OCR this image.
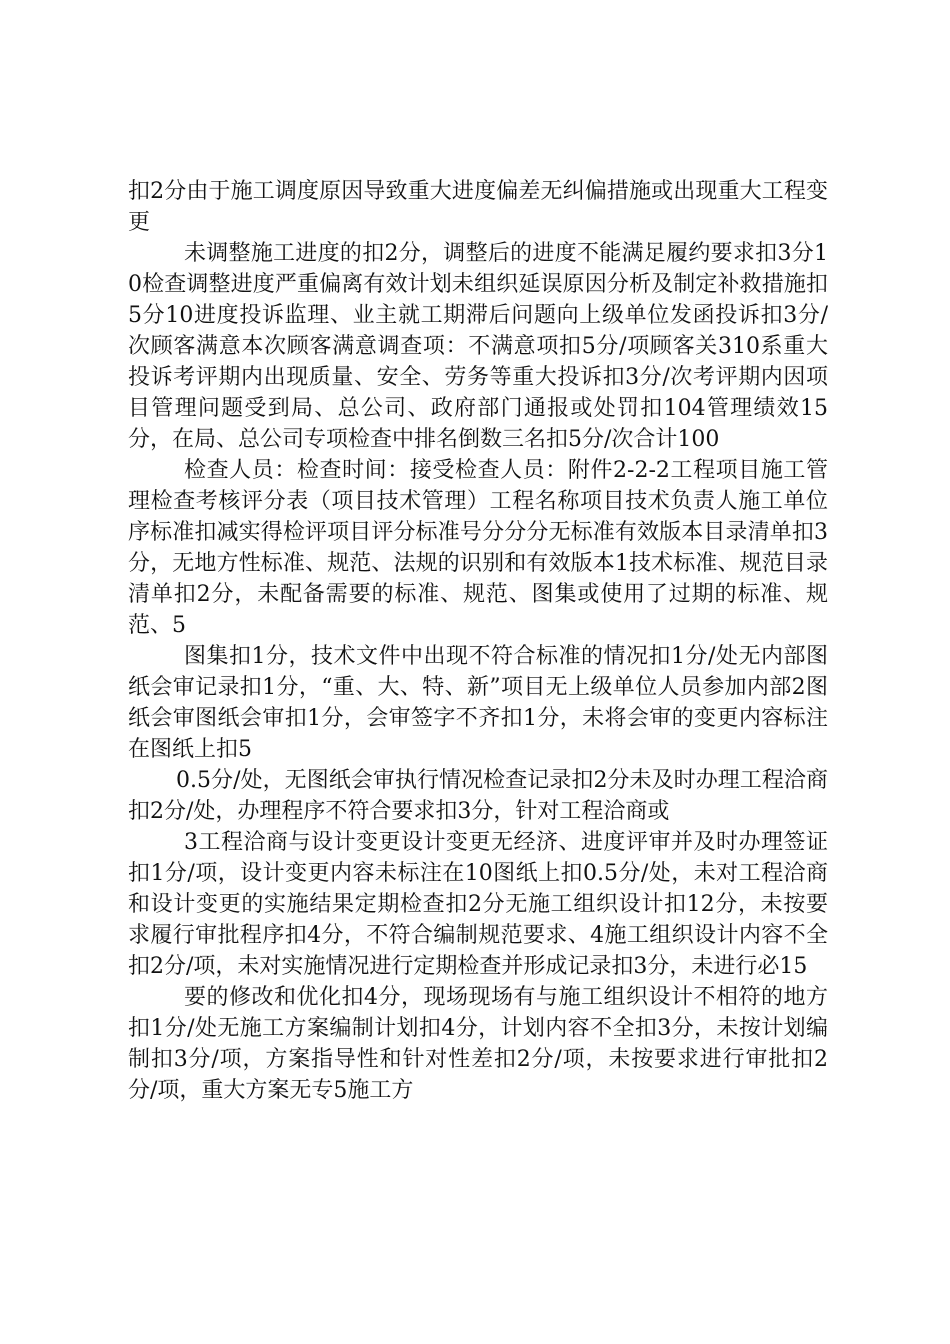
扣2分由于施工调度原因导致重大进度偏差无纠偏措施或出现重大工程变更

未调整施工进度的扣2分，调整后的进度不能满足履约要求扣3分10检查调整进度严重偏离有效计划未组织延误原因分析及制定补救措施扣5分10进度投诉监理、业主就工期滞后问题向上级单位发函投诉扣3分/次顾客满意本次顾客满意调查项：不满意项扣5分/项顾客关310系重大投诉考评期内出现质量、安全、劳务等重大投诉扣3分/次考评期内因项目管理问题受到局、总公司、政府部门通报或处罚扣104管理绩效15分，在局、总公司专项检查中排名倒数三名扣5分/次合计100

检查人员：检查时间：接受检查人员：附件2-2-2工程项目施工管理检查考核评分表（项目技术管理）工程名称项目技术负责人施工单位序标准扣减实得检评项目评分标准号分分分无标准有效版本目录清单扣3分，无地方性标准、规范、法规的识别和有效版本1技术标准、规范目录清单扣2分，未配备需要的标准、规范、图集或使用了过期的标准、规范、5

图集扣1分，技术文件中出现不符合标准的情况扣1分/处无内部图纸会审记录扣1分，“重、大、特、新”项目无上级单位人员参加内部2图纸会审图纸会审扣1分，会审签字不齐扣1分，未将会审的变更内容标注在图纸上扣5

0.5分/处，无图纸会审执行情况检查记录扣2分未及时办理工程洽商扣2分/处，办理程序不符合要求扣3分，针对工程洽商或

3工程洽商与设计变更设计变更无经济、进度评审并及时办理签证扣1分/项，设计变更内容未标注在10图纸上扣0.5分/处，未对工程洽商和设计变更的实施结果定期检查扣2分无施工组织设计扣12分，未按要求履行审批程序扣4分，不符合编制规范要求、4施工组织设计内容不全扣2分/项，未对实施情况进行定期检查并形成记录扣3分，未进行必15

要的修改和优化扣4分，现场现场有与施工组织设计不相符的地方扣1分/处无施工方案编制计划扣4分，计划内容不全扣3分，未按计划编制扣3分/项，方案指导性和针对性差扣2分/项，未按要求进行审批扣2分/项，重大方案无专5施工方
